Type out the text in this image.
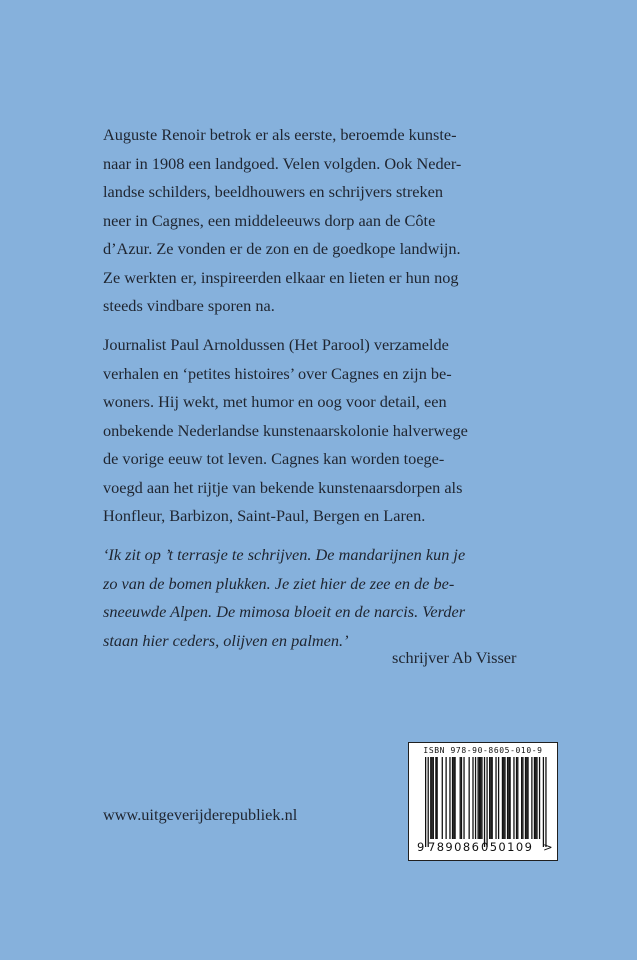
Auguste Renoir betrok er als eerste, beroemde kunste-
naar in 1908 een landgoed. Velen volgden. Ook Neder-
landse schilders, beeldhouwers en schrijvers streken
neer in Cagnes, een middeleeuws dorp aan de Côte
d’Azur. Ze vonden er de zon en de goedkope landwijn.
Ze werkten er, inspireerden elkaar en lieten er hun nog
steeds vindbare sporen na.

Journalist Paul Arnoldussen (Het Parool) verzamelde
verhalen en ‘petites histoires’ over Cagnes en zijn be-
woners. Hij wekt, met humor en oog voor detail, een
onbekende Nederlandse kunstenaarskolonie halverwege
de vorige eeuw tot leven. Cagnes kan worden toege-
voegd aan het rijtje van bekende kunstenaarsdorpen als
Honfleur, Barbizon, Saint-Paul, Bergen en Laren.

‘Ik zit op ’t terrasje te schrijven. De mandarijnen kun je
zo van de bomen plukken. Je ziet hier de zee en de be-
sneeuwde Alpen. De mimosa bloeit en de narcis. Verder
staan hier ceders, olijven en palmen.’

schrijver Ab Visser
www.uitgeverijderepubliek.nl
ISBN 978-90-8605-010-9
9 789086 050109 >
